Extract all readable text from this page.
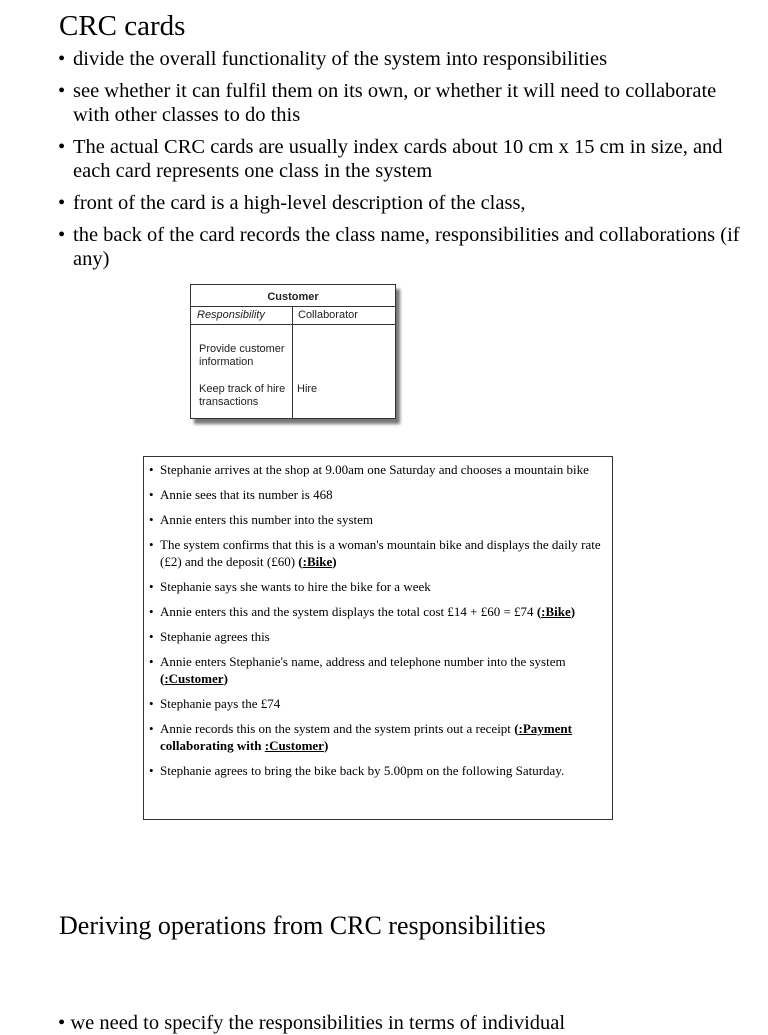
CRC cards
• divide the overall functionality of the system into responsibilities
• see whether it can fulfil them on its own, or whether it will need to collaborate with other classes to do this
• The actual CRC cards are usually index cards about 10 cm x 15 cm in size, and each card represents one class in the system
• front of the card is a high-level description of the class,
• the back of the card records the class name, responsibilities and collaborations (if any)
Customer
Responsibility	Collaborator
Provide customer information
Keep track of hire transactions
Hire
• Stephanie arrives at the shop at 9.00am one Saturday and chooses a mountain bike
• Annie sees that its number is 468
• Annie enters this number into the system
• The system confirms that this is a woman's mountain bike and displays the daily rate (£2) and the deposit (£60) (:Bike)
• Stephanie says she wants to hire the bike for a week
• Annie enters this and the system displays the total cost £14 + £60 = £74 (:Bike)
• Stephanie agrees this
• Annie enters Stephanie's name, address and telephone number into the system (:Customer)
• Stephanie pays the £74
• Annie records this on the system and the system prints out a receipt (:Payment collaborating with :Customer)
• Stephanie agrees to bring the bike back by 5.00pm on the following Saturday.
Deriving operations from CRC responsibilities
• we need to specify the responsibilities in terms of individual
